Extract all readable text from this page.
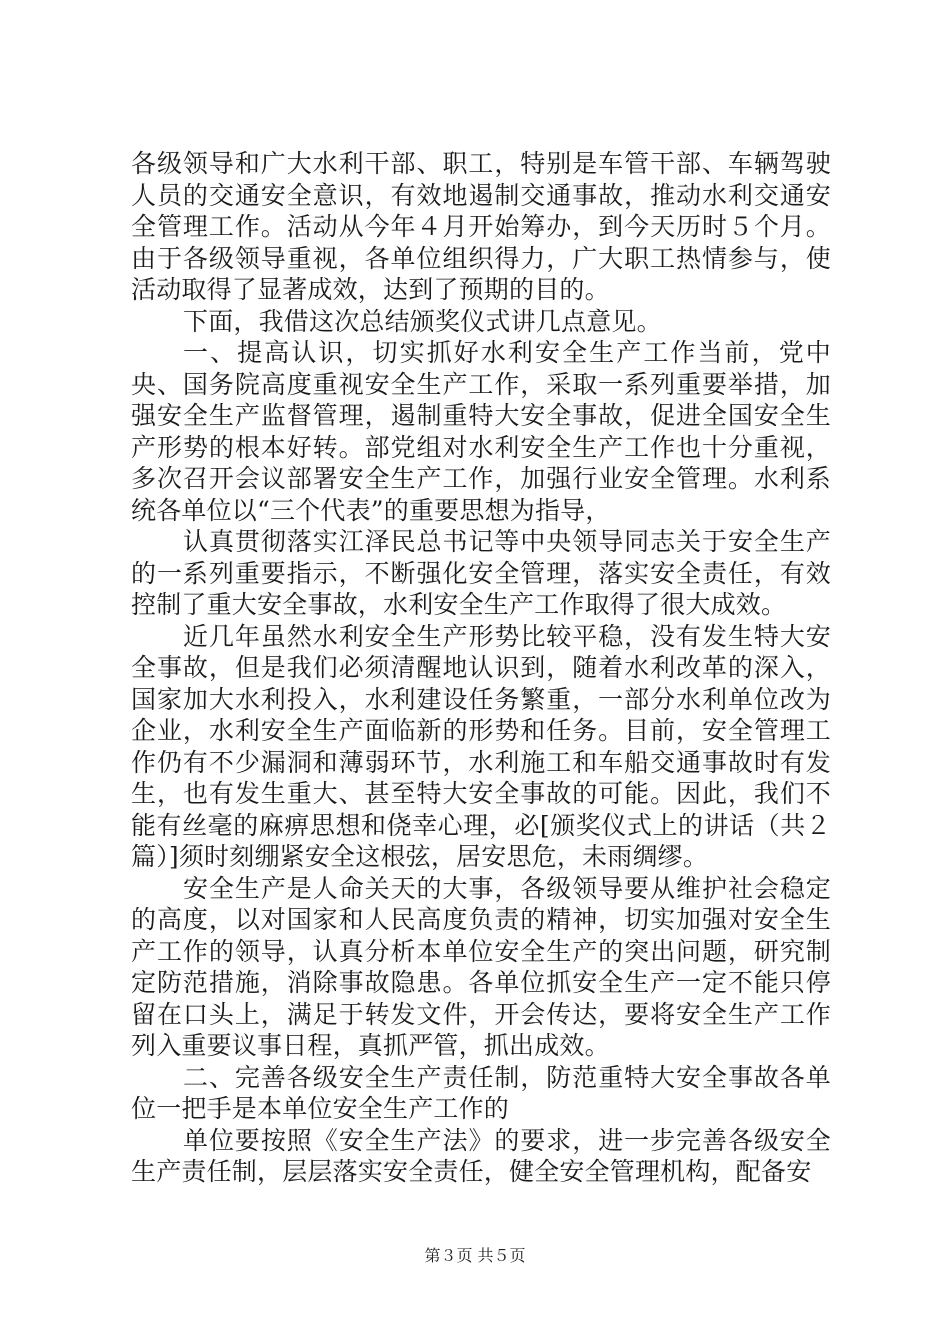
各级领导和广大水利干部、职工，特别是车管干部、车辆驾驶人员的交通安全意识，有效地遏制交通事故，推动水利交通安全管理工作。活动从今年４月开始筹办，到今天历时５个月。由于各级领导重视，各单位组织得力，广大职工热情参与，使活动取得了显著成效，达到了预期的目的。

下面，我借这次总结颁奖仪式讲几点意见。

一、提高认识，切实抓好水利安全生产工作当前，党中央、国务院高度重视安全生产工作，采取一系列重要举措，加强安全生产监督管理，遏制重特大安全事故，促进全国安全生产形势的根本好转。部党组对水利安全生产工作也十分重视，多次召开会议部署安全生产工作，加强行业安全管理。水利系统各单位以“三个代表”的重要思想为指导，

认真贯彻落实江泽民总书记等中央领导同志关于安全生产的一系列重要指示，不断强化安全管理，落实安全责任，有效控制了重大安全事故，水利安全生产工作取得了很大成效。

近几年虽然水利安全生产形势比较平稳，没有发生特大安全事故，但是我们必须清醒地认识到，随着水利改革的深入，国家加大水利投入，水利建设任务繁重，一部分水利单位改为企业，水利安全生产面临新的形势和任务。目前，安全管理工作仍有不少漏洞和薄弱环节，水利施工和车船交通事故时有发生，也有发生重大、甚至特大安全事故的可能。因此，我们不能有丝毫的麻痹思想和侥幸心理，必[颁奖仪式上的讲话（共２篇）]须时刻绷紧安全这根弦，居安思危，未雨绸缪。

安全生产是人命关天的大事，各级领导要从维护社会稳定的高度，以对国家和人民高度负责的精神，切实加强对安全生产工作的领导，认真分析本单位安全生产的突出问题，研究制定防范措施，消除事故隐患。各单位抓安全生产一定不能只停留在口头上，满足于转发文件，开会传达，要将安全生产工作列入重要议事日程，真抓严管，抓出成效。

二、完善各级安全生产责任制，防范重特大安全事故各单位一把手是本单位安全生产工作的

单位要按照《安全生产法》的要求，进一步完善各级安全生产责任制，层层落实安全责任，健全安全管理机构，配备安

第３页 共５页
